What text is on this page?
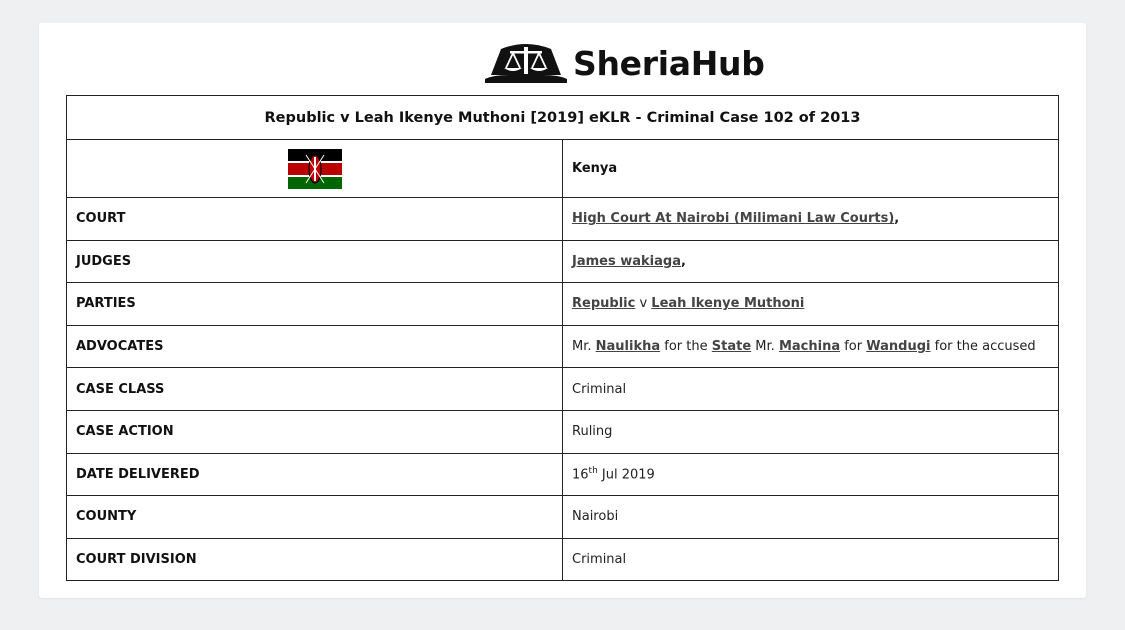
SheriaHub
Republic v Leah Ikenye Muthoni [2019] eKLR - Criminal Case 102 of 2013	
	Kenya
COURT	High Court At Nairobi (Milimani Law Courts),
JUDGES	James wakiaga,
PARTIES	Republic v Leah Ikenye Muthoni
ADVOCATES	Mr. Naulikha for the State Mr. Machina for Wandugi for the accused
CASE CLASS	Criminal
CASE ACTION	Ruling
DATE DELIVERED	16th Jul 2019
COUNTY	Nairobi
COURT DIVISION	Criminal
